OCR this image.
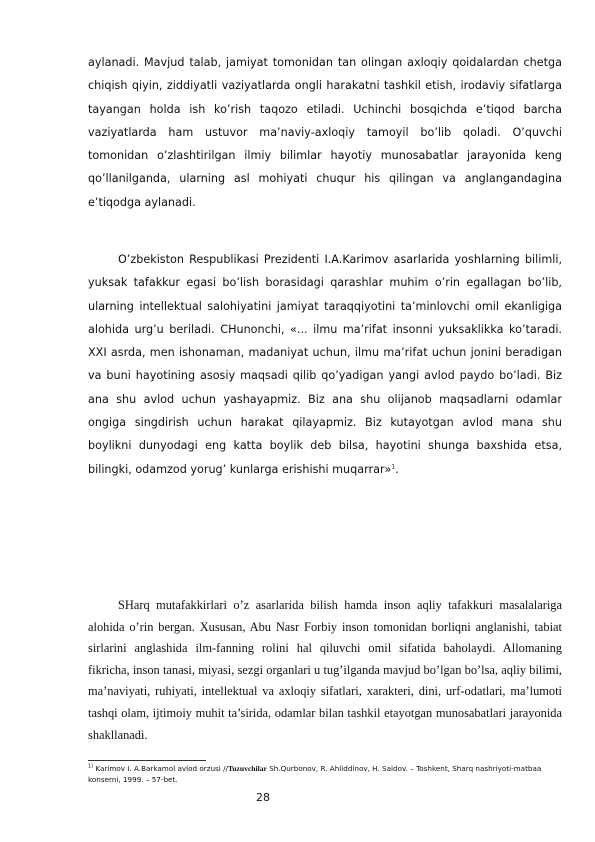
aylanadi. Mavjud talab, jamiyat tomonidan tan olingan axloqiy qoidalardan chetga chiqish qiyin, ziddiyatli vaziyatlarda ongli harakatni tashkil etish, irodaviy sifatlarga tayangan holda ish ko’rish taqozo etiladi. Uchinchi bosqichda e’tiqod barcha vaziyatlarda ham ustuvor ma’naviy-axloqiy tamoyil bo’lib qoladi. O’quvchi tomonidan o’zlashtirilgan ilmiy bilimlar hayotiy munosabatlar jarayonida keng qo’llanilganda, ularning asl mohiyati chuqur his qilingan va anglangandagina e’tiqodga aylanadi.

O’zbekiston Respublikasi Prezidenti I.A.Karimov asarlarida yoshlarning bilimli, yuksak tafakkur egasi bo’lish borasidagi qarashlar muhim o’rin egallagan bo’lib, ularning intellektual salohiyatini jamiyat taraqqiyotini ta’minlovchi omil ekanligiga alohida urg’u beriladi. CHunonchi, «... ilmu ma’rifat insonni yuksaklikka ko’taradi. XXI asrda, men ishonaman, madaniyat uchun, ilmu ma’rifat uchun jonini beradigan va buni hayotining asosiy maqsadi qilib qo’yadigan yangi avlod paydo bo’ladi. Biz ana shu avlod uchun yashayapmiz. Biz ana shu olijanob maqsadlarni odamlar ongiga singdirish uchun harakat qilayapmiz. Biz kutayotgan avlod mana shu boylikni dunyodagi eng katta boylik deb bilsa, hayotini shunga baxshida etsa, bilingki, odamzod yorug’ kunlarga erishishi muqarrar»$^1$.

SHarq mutafakkirlari o’z asarlarida bilish hamda inson aqliy tafakkuri masalalariga alohida o’rin bergan. Xususan, Abu Nasr Forbiy inson tomonidan borliqni anglanishi, tabiat sirlarini anglashida ilm-fanning rolini hal qiluvchi omil sifatida baholaydi. Allomaning fikricha, inson tanasi, miyasi, sezgi organlari u tug’ilganda mavjud bo’lgan bo’lsa, aqliy bilimi, ma’naviyati, ruhiyati, intellektual va axloqiy sifatlari, xarakteri, dini, urf-odatlari, ma’lumoti tashqi olam, ijtimoiy muhit ta’sirida, odamlar bilan tashkil etayotgan munosabatlari jarayonida shakllanadi.

$^{1)}$ Karimov I. A.Barkamol avlod orzusi //Tuzuvchilar Sh.Qurbonov, R. Ahliddinov, H. Saidov. – Toshkent, Sharq nashriyoti-matbaa konserni, 1999. – 57-bet.

28
